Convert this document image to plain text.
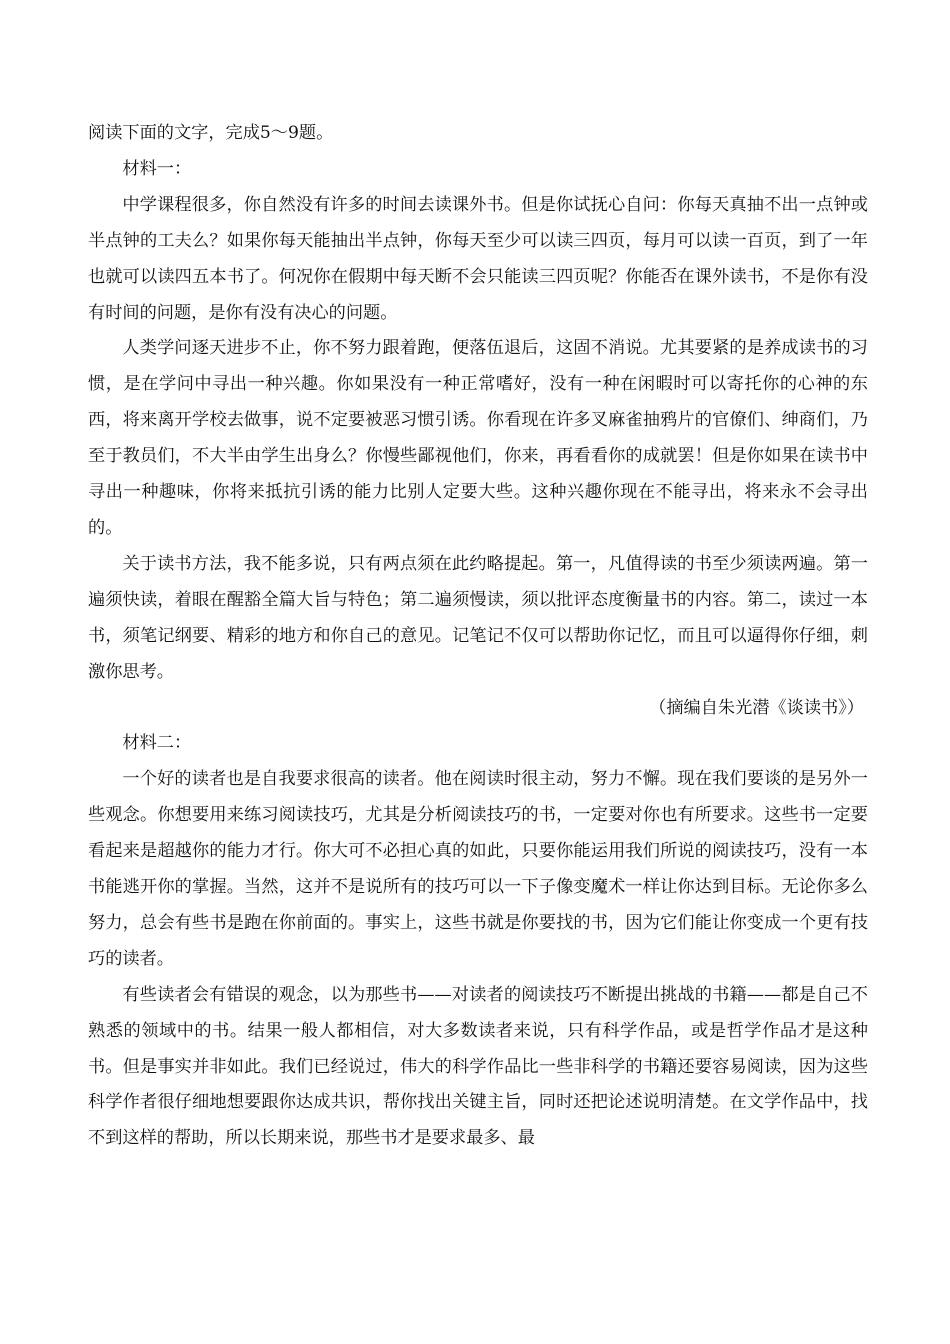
阅读下面的文字，完成5～9题。

材料一：

中学课程很多，你自然没有许多的时间去读课外书。但是你试抚心自问：你每天真抽不出一点钟或半点钟的工夫么？如果你每天能抽出半点钟，你每天至少可以读三四页，每月可以读一百页，到了一年也就可以读四五本书了。何况你在假期中每天断不会只能读三四页呢？你能否在课外读书，不是你有没有时间的问题，是你有没有决心的问题。

人类学问逐天进步不止，你不努力跟着跑，便落伍退后，这固不消说。尤其要紧的是养成读书的习惯，是在学问中寻出一种兴趣。你如果没有一种正常嗜好，没有一种在闲暇时可以寄托你的心神的东西，将来离开学校去做事，说不定要被恶习惯引诱。你看现在许多叉麻雀抽鸦片的官僚们、绅商们，乃至于教员们，不大半由学生出身么？你慢些鄙视他们，你来，再看看你的成就罢！但是你如果在读书中寻出一种趣味，你将来抵抗引诱的能力比别人定要大些。这种兴趣你现在不能寻出，将来永不会寻出的。

关于读书方法，我不能多说，只有两点须在此约略提起。第一，凡值得读的书至少须读两遍。第一遍须快读，着眼在醒豁全篇大旨与特色；第二遍须慢读，须以批评态度衡量书的内容。第二，读过一本书，须笔记纲要、精彩的地方和你自己的意见。记笔记不仅可以帮助你记忆，而且可以逼得你仔细，刺激你思考。

（摘编自朱光潜《谈读书》）

材料二：

一个好的读者也是自我要求很高的读者。他在阅读时很主动，努力不懈。现在我们要谈的是另外一些观念。你想要用来练习阅读技巧，尤其是分析阅读技巧的书，一定要对你也有所要求。这些书一定要看起来是超越你的能力才行。你大可不必担心真的如此，只要你能运用我们所说的阅读技巧，没有一本书能逃开你的掌握。当然，这并不是说所有的技巧可以一下子像变魔术一样让你达到目标。无论你多么努力，总会有些书是跑在你前面的。事实上，这些书就是你要找的书，因为它们能让你变成一个更有技巧的读者。

有些读者会有错误的观念，以为那些书——对读者的阅读技巧不断提出挑战的书籍——都是自己不熟悉的领域中的书。结果一般人都相信，对大多数读者来说，只有科学作品，或是哲学作品才是这种书。但是事实并非如此。我们已经说过，伟大的科学作品比一些非科学的书籍还要容易阅读，因为这些科学作者很仔细地想要跟你达成共识，帮你找出关键主旨，同时还把论述说明清楚。在文学作品中，找不到这样的帮助，所以长期来说，那些书才是要求最多、最
